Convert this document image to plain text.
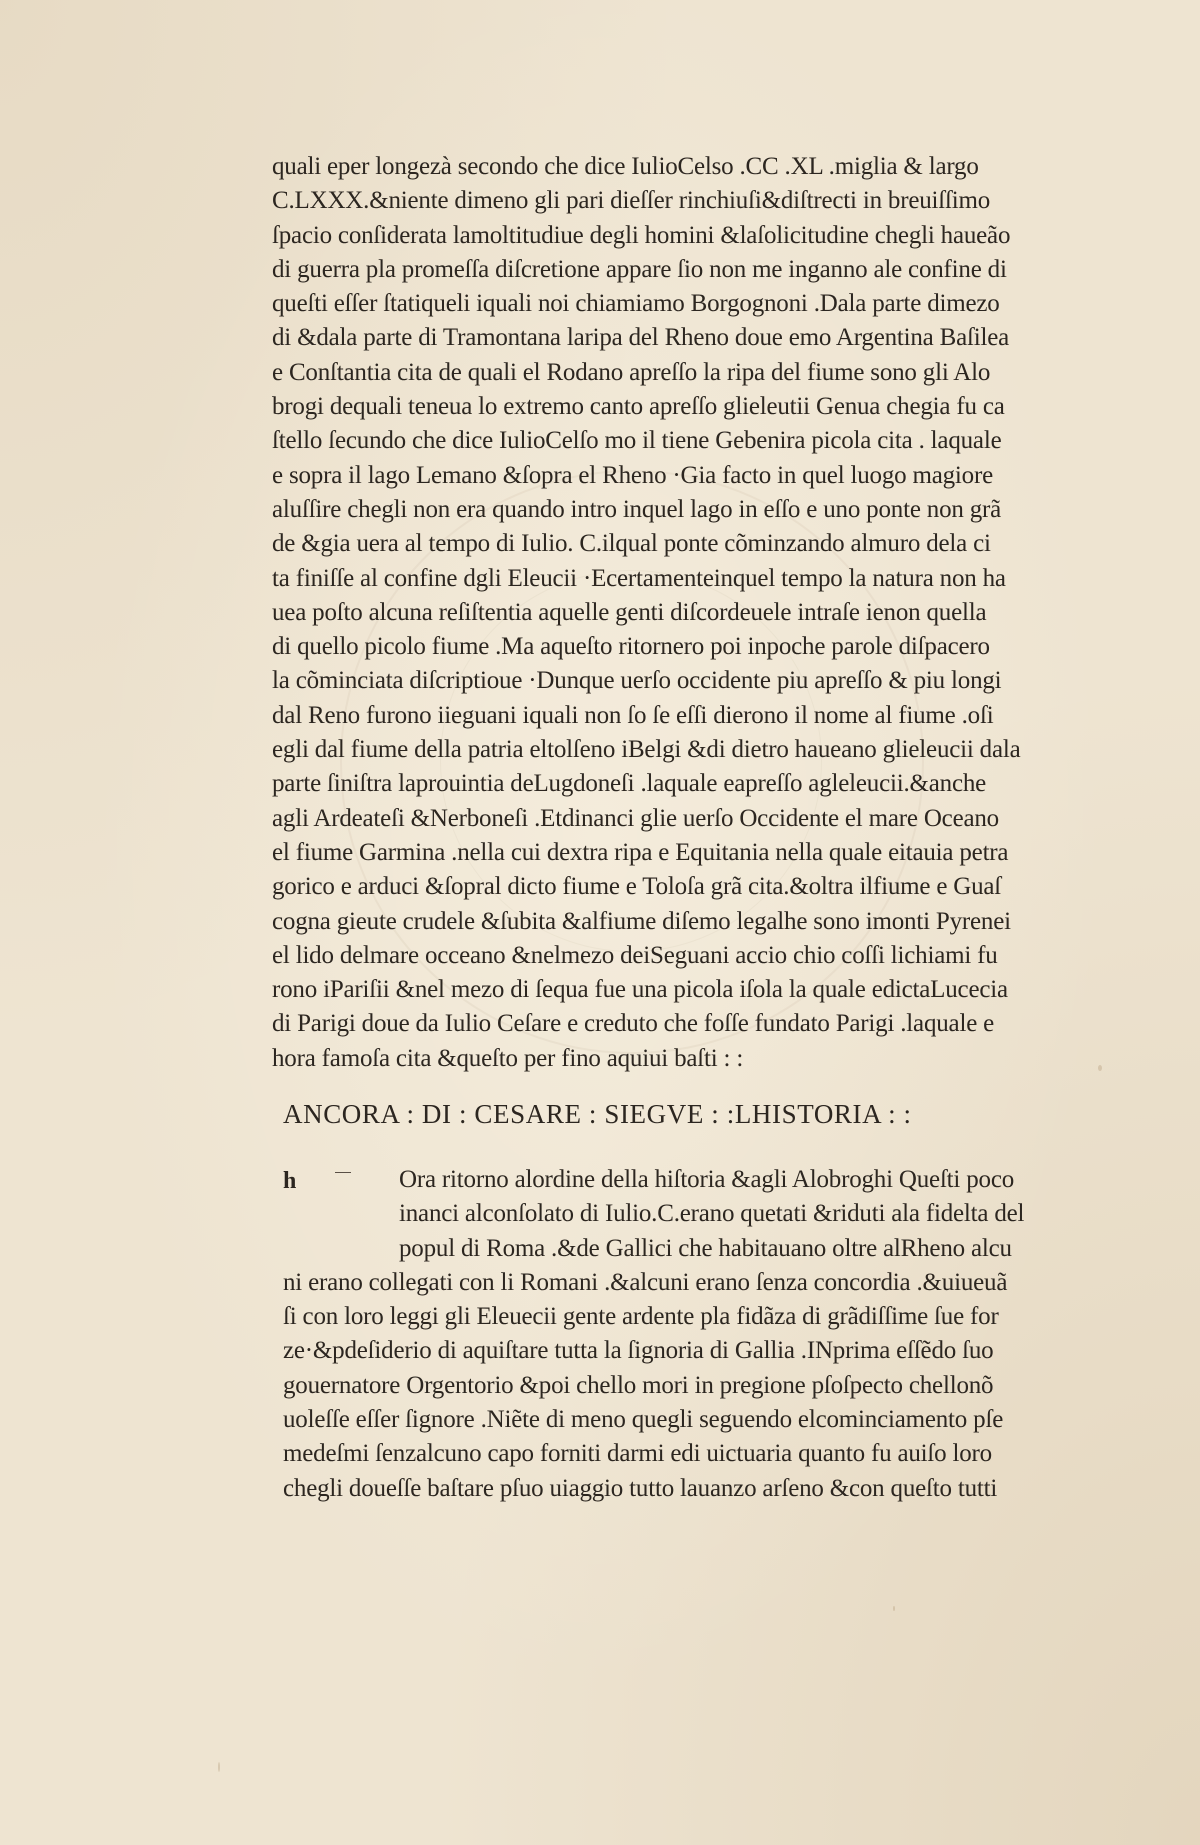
quali eper longezà secondo che dice IulioCelso .CC .XL .miglia & largo
C.LXXX.&niente dimeno gli pari dieſſer rinchiuſi&diſtrecti in breuiſſimo
ſpacio conſiderata lamoltitudiue degli homini &laſolicitudine chegli haueão
di guerra pla promeſſa diſcretione appare ſio non me inganno ale confine di
queſti eſſer ſtatiqueli iquali noi chiamiamo Borgognoni .Dala parte dimezo
di &dala parte di Tramontana laripa del Rheno doue emo Argentina Baſilea
e Conſtantia cita de quali el Rodano apreſſo la ripa del fiume sono gli Alo
brogi dequali teneua lo extremo canto apreſſo glieleutii Genua chegia fu ca
ſtello ſecundo che dice IulioCelſo mo il tiene Gebenira picola cita . laquale
e sopra il lago Lemano &ſopra el Rheno ·Gia facto in quel luogo magiore
aluſſire chegli non era quando intro inquel lago in eſſo e uno ponte non grã
de &gia uera al tempo di Iulio. C.ilqual ponte cõminzando almuro dela ci
ta finiſſe al confine dgli Eleucii ·Ecertamenteinquel tempo la natura non ha
uea poſto alcuna reſiſtentia aquelle genti diſcordeuele intraſe ienon quella
di quello picolo fiume .Ma aqueſto ritornero poi inpoche parole diſpacero
la cõminciata diſcriptioue ·Dunque uerſo occidente piu apreſſo & piu longi
dal Reno furono iieguani iquali non ſo ſe eſſi dierono il nome al fiume .oſi
egli dal fiume della patria eltolſeno iBelgi &di dietro haueano glieleucii dala
parte ſiniſtra laprouintia deLugdoneſi .laquale eapreſſo agleleucii.&anche
agli Ardeateſi &Nerboneſi .Etdinanci glie uerſo Occidente el mare Oceano
el fiume Garmina .nella cui dextra ripa e Equitania nella quale eitauia petra
gorico e arduci &ſopral dicto fiume e Toloſa grã cita.&oltra ilfiume e Guaſ
cogna gieute crudele &ſubita &alfiume diſemo legalhe sono imonti Pyrenei
el lido delmare occeano &nelmezo deiSeguani accio chio coſſi lichiami fu
rono iPariſii &nel mezo di ſequa fue una picola iſola la quale edictaLucecia
di Parigi doue da Iulio Ceſare e creduto che foſſe fundato Parigi .laquale e
hora famoſa cita &queſto per fino aquiui baſti : :
ANCORA : DI : CESARE : SIEGVE : :LHISTORIA : :
h	Ora ritorno alordine della hiſtoria &agli Alobroghi Queſti poco
inanci alconſolato di Iulio.C.erano quetati &riduti ala fidelta del
popul di Roma .&de Gallici che habitauano oltre alRheno alcu
ni erano collegati con li Romani .&alcuni erano ſenza concordia .&uiueuã
ſi con loro leggi gli Eleuecii gente ardente pla fidãza di grãdiſſime ſue for
ze·&pdeſiderio di aquiſtare tutta la ſignoria di Gallia .INprima eſſẽdo ſuo
gouernatore Orgentorio &poi chello mori in pregione pſoſpecto chellonõ
uoleſſe eſſer ſignore .Niẽte di meno quegli seguendo elcominciamento pſe
medeſmi ſenzalcuno capo forniti darmi edi uictuaria quanto fu auiſo loro
chegli doueſſe baſtare pſuo uiaggio tutto lauanzo arſeno &con queſto tutti
